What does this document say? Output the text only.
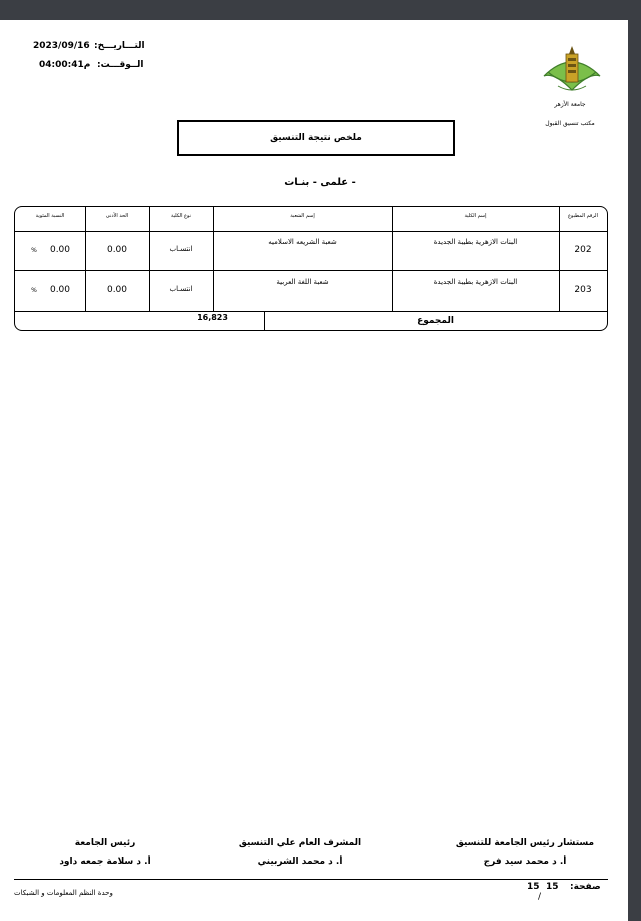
التـــاريـــخ:
2023/09/16
الــوقـــت:
04:00:41م
جامعة الأزهر
مكتب تنسيق القبول
ملخص نتيجة التنسيق
- علمى - بنـات
الرقم المطبوع
إسم الكلية
إسم الشعبة
نوع الكلية
الحد الأدنى
النسبة المئوية
202
البنات الازهرية بطيبة الجديدة
شعبة الشريعه الاسلاميه
انتسـاب
0.00
0.00
%
203
البنات الازهرية بطيبة الجديدة
شعبة اللغة العربية
انتسـاب
0.00
0.00
%
المجموع
16,823
مستشار رئيس الجامعة للتنسيق
أ. د محمد سيد فرج
المشرف العام علي التنسيق
أ. د محمد الشربيني
رئيس الجامعة
أ. د سلامة جمعه داود
وحدة النظم المعلومات و الشبكات
صفحة:
15
15
/
